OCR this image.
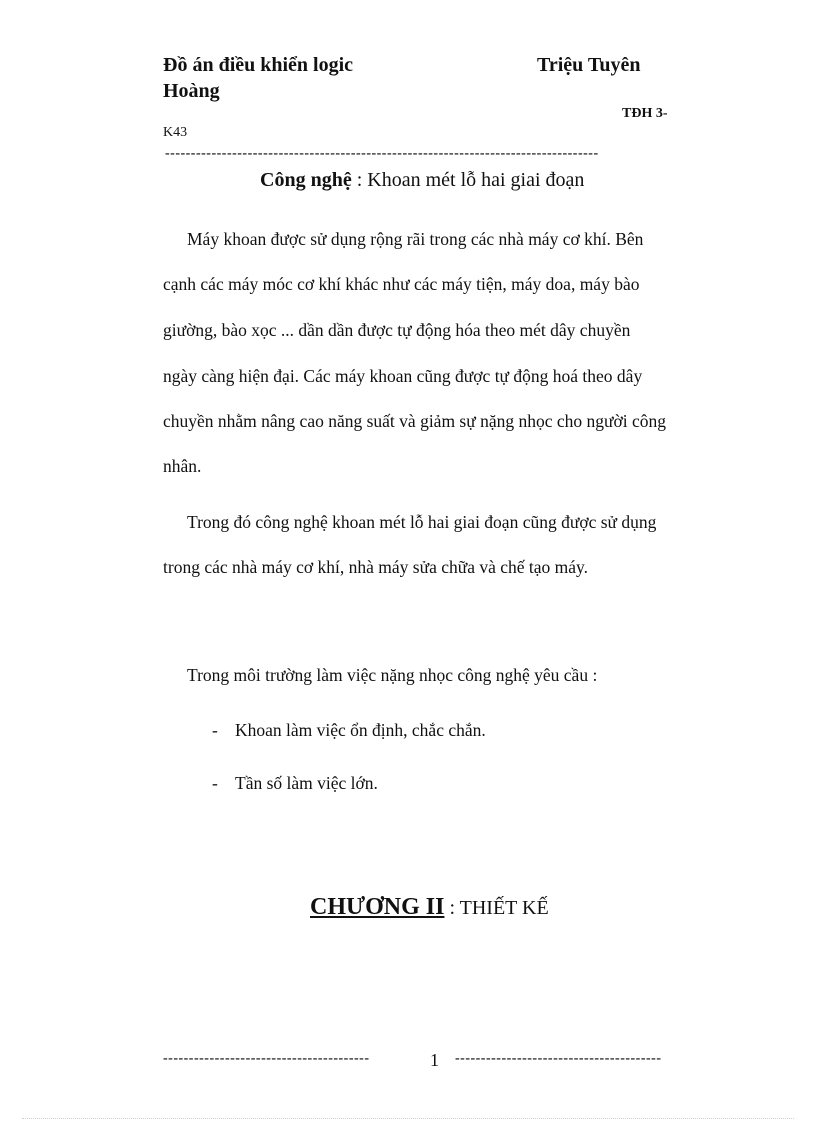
Đồ án điều khiển logic	Triệu Tuyên
Hoàng
TĐH 3-
K43
------------------------------------------------------------------------------------
Công nghệ : Khoan mét lỗ hai giai đoạn
Máy khoan được sử dụng rộng rãi trong các nhà máy cơ khí. Bên
cạnh các máy móc cơ khí khác như các máy tiện, máy doa, máy bào
giường, bào xọc ... dần dần được tự động hóa theo mét dây chuyền
ngày càng hiện đại. Các máy khoan cũng được tự động hoá theo dây
chuyền nhằm nâng cao năng suất và giảm sự nặng nhọc cho người công
nhân.
Trong đó công nghệ khoan mét lỗ hai giai đoạn cũng được sử dụng
trong các nhà máy cơ khí, nhà máy sửa chữa và chế tạo máy.
Trong môi trường làm việc nặng nhọc công nghệ yêu cầu :
- Khoan làm việc ổn định, chắc chắn.
- Tần số làm việc lớn.
CHƯƠNG II : THIẾT KẾ
----------------------------------------	1 ----------------------------------------
